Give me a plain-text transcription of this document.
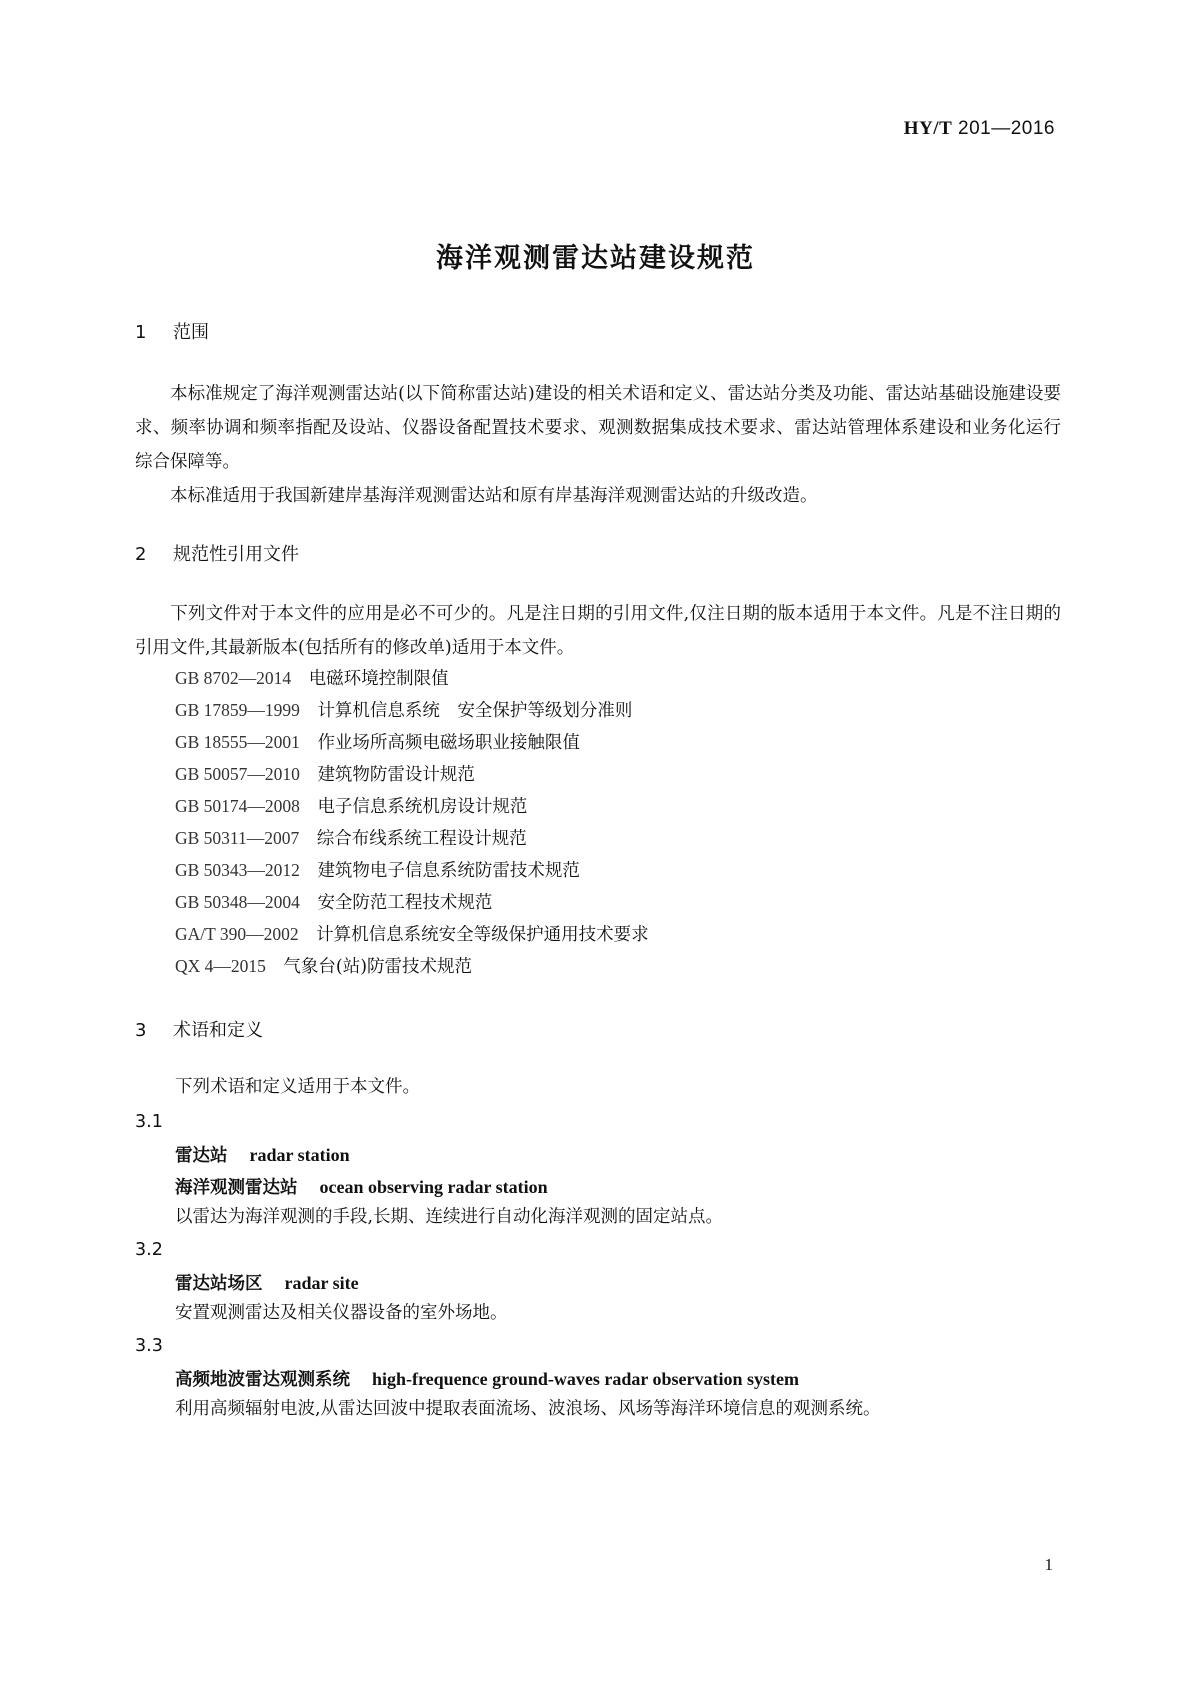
HY/T 201—2016
海洋观测雷达站建设规范
1 范围
本标准规定了海洋观测雷达站(以下简称雷达站)建设的相关术语和定义、雷达站分类及功能、雷达站基础设施建设要求、频率协调和频率指配及设站、仪器设备配置技术要求、观测数据集成技术要求、雷达站管理体系建设和业务化运行综合保障等。
本标准适用于我国新建岸基海洋观测雷达站和原有岸基海洋观测雷达站的升级改造。
2 规范性引用文件
下列文件对于本文件的应用是必不可少的。凡是注日期的引用文件,仅注日期的版本适用于本文件。凡是不注日期的引用文件,其最新版本(包括所有的修改单)适用于本文件。
GB 8702—2014　 电磁环境控制限值
GB 17859—1999　 计算机信息系统　安全保护等级划分准则
GB 18555—2001　 作业场所高频电磁场职业接触限值
GB 50057—2010　 建筑物防雷设计规范
GB 50174—2008　 电子信息系统机房设计规范
GB 50311—2007　 综合布线系统工程设计规范
GB 50343—2012　 建筑物电子信息系统防雷技术规范
GB 50348—2004　 安全防范工程技术规范
GA/T 390—2002　 计算机信息系统安全等级保护通用技术要求
QX 4—2015　 气象台(站)防雷技术规范
3 术语和定义
下列术语和定义适用于本文件。
3.1
雷达站 radar station
海洋观测雷达站 ocean observing radar station
以雷达为海洋观测的手段,长期、连续进行自动化海洋观测的固定站点。
3.2
雷达站场区 radar site
安置观测雷达及相关仪器设备的室外场地。
3.3
高频地波雷达观测系统 high-frequence ground-waves radar observation system
利用高频辐射电波,从雷达回波中提取表面流场、波浪场、风场等海洋环境信息的观测系统。
1
